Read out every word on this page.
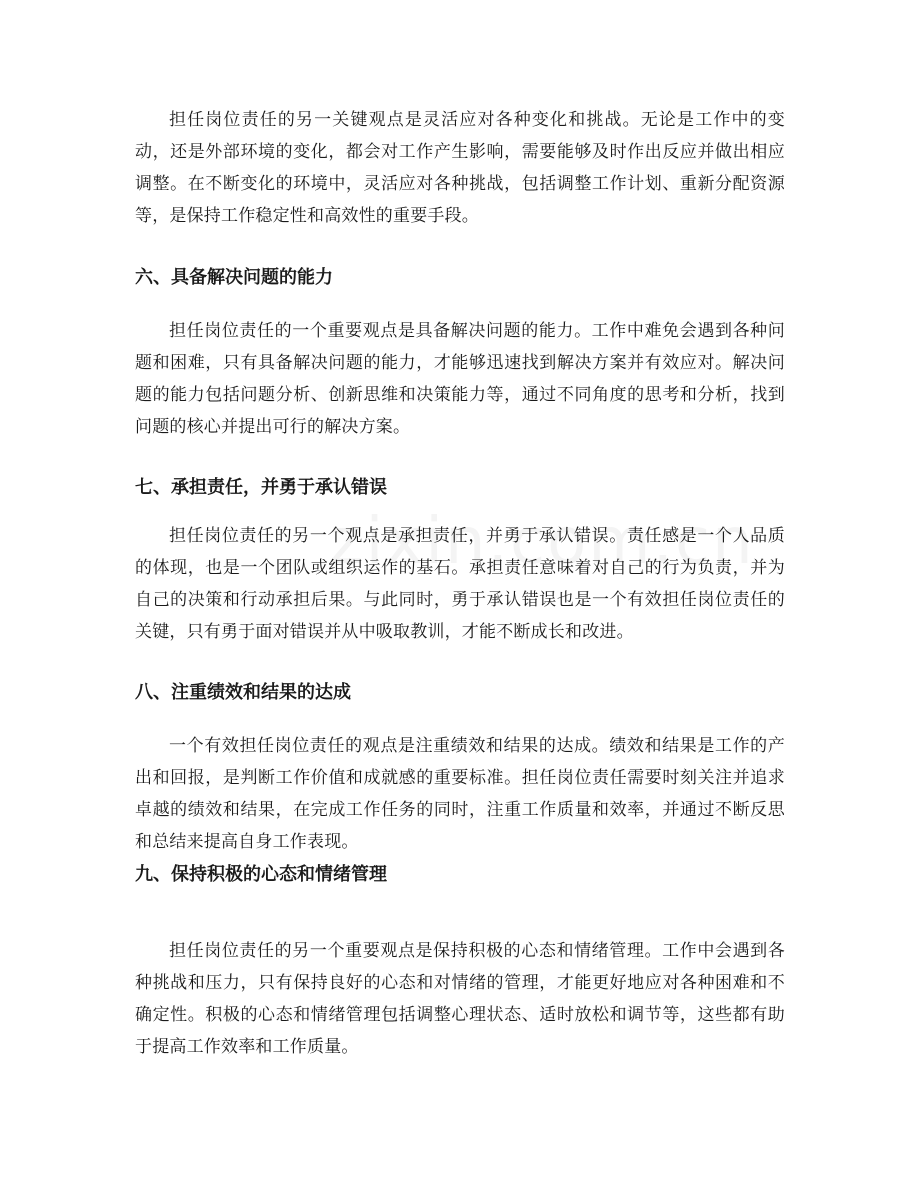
担任岗位责任的另一关键观点是灵活应对各种变化和挑战。无论是工作中的变动，还是外部环境的变化，都会对工作产生影响，需要能够及时作出反应并做出相应调整。在不断变化的环境中，灵活应对各种挑战，包括调整工作计划、重新分配资源等，是保持工作稳定性和高效性的重要手段。

六、具备解决问题的能力

担任岗位责任的一个重要观点是具备解决问题的能力。工作中难免会遇到各种问题和困难，只有具备解决问题的能力，才能够迅速找到解决方案并有效应对。解决问题的能力包括问题分析、创新思维和决策能力等，通过不同角度的思考和分析，找到问题的核心并提出可行的解决方案。

七、承担责任，并勇于承认错误

担任岗位责任的另一个观点是承担责任，并勇于承认错误。责任感是一个人品质的体现，也是一个团队或组织运作的基石。承担责任意味着对自己的行为负责，并为自己的决策和行动承担后果。与此同时，勇于承认错误也是一个有效担任岗位责任的关键，只有勇于面对错误并从中吸取教训，才能不断成长和改进。

八、注重绩效和结果的达成

一个有效担任岗位责任的观点是注重绩效和结果的达成。绩效和结果是工作的产出和回报，是判断工作价值和成就感的重要标准。担任岗位责任需要时刻关注并追求卓越的绩效和结果，在完成工作任务的同时，注重工作质量和效率，并通过不断反思和总结来提高自身工作表现。

九、保持积极的心态和情绪管理

担任岗位责任的另一个重要观点是保持积极的心态和情绪管理。工作中会遇到各种挑战和压力，只有保持良好的心态和对情绪的管理，才能更好地应对各种困难和不确定性。积极的心态和情绪管理包括调整心理状态、适时放松和调节等，这些都有助于提高工作效率和工作质量。
